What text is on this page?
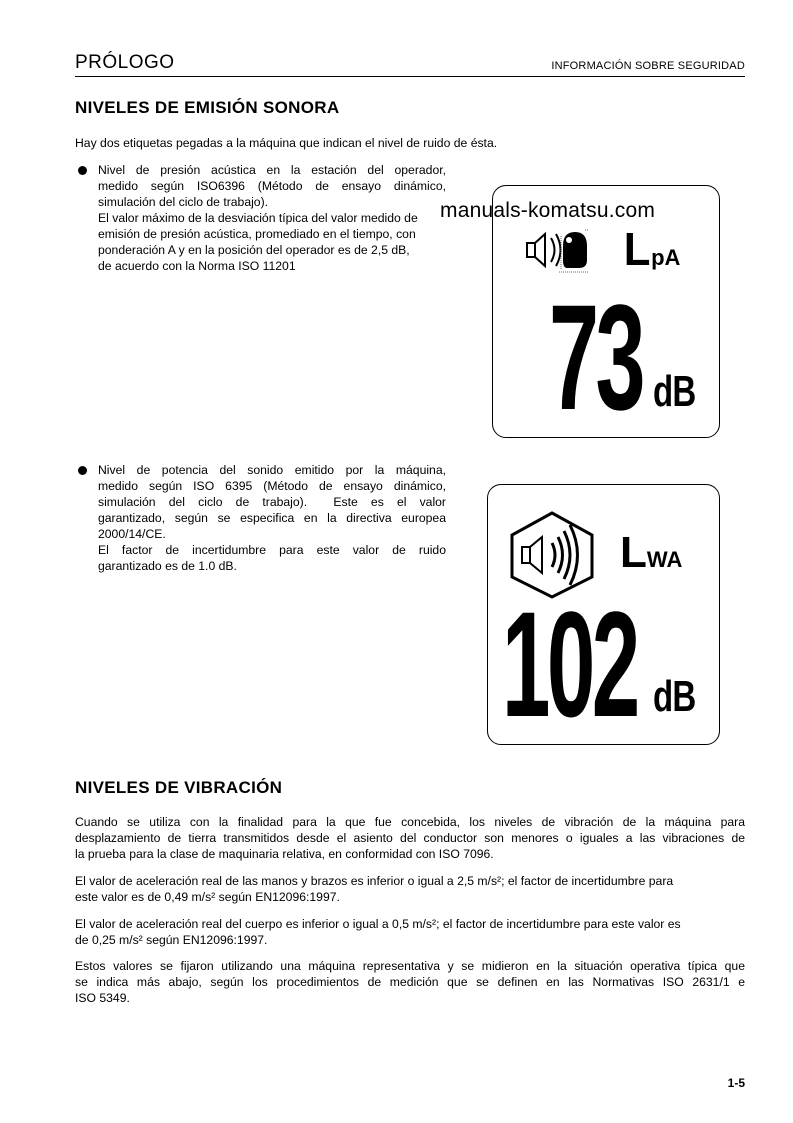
PRÓLOGO	INFORMACIÓN SOBRE SEGURIDAD
NIVELES DE EMISIÓN SONORA

Hay dos etiquetas pegadas a la máquina que indican el nivel de ruido de ésta.

Nivel de presión acústica en la estación del operador,
medido según ISO6396 (Método de ensayo dinámico,
simulación del ciclo de trabajo).
El valor máximo de la desviación típica del valor medido de
emisión de presión acústica, promediado en el tiempo, con
ponderación A y en la posición del operador es de 2,5 dB,
de acuerdo con la Norma ISO 11201	LpA
73 dB
manuals-komatsu.com
Nivel de potencia del sonido emitido por la máquina,
medido según ISO 6395 (Método de ensayo dinámico,
simulación del ciclo de trabajo).  Este es el valor
garantizado, según se especifica en la directiva europea
2000/14/CE.
El factor de incertidumbre para este valor de ruido
garantizado es de 1.0 dB.	LWA
102 dB
NIVELES DE VIBRACIÓN
Cuando se utiliza con la finalidad para la que fue concebida, los niveles de vibración de la máquina para
desplazamiento de tierra transmitidos desde el asiento del conductor son menores o iguales a las vibraciones de
la prueba para la clase de maquinaria relativa, en conformidad con ISO 7096.
El valor de aceleración real de las manos y brazos es inferior o igual a 2,5 m/s²; el factor de incertidumbre para
este valor es de 0,49 m/s² según EN12096:1997.
El valor de aceleración real del cuerpo es inferior o igual a 0,5 m/s²; el factor de incertidumbre para este valor es
de 0,25 m/s² según EN12096:1997.
Estos valores se fijaron utilizando una máquina representativa y se midieron en la situación operativa típica que
se indica más abajo, según los procedimientos de medición que se definen en las Normativas ISO 2631/1 e
ISO 5349.
1-5
